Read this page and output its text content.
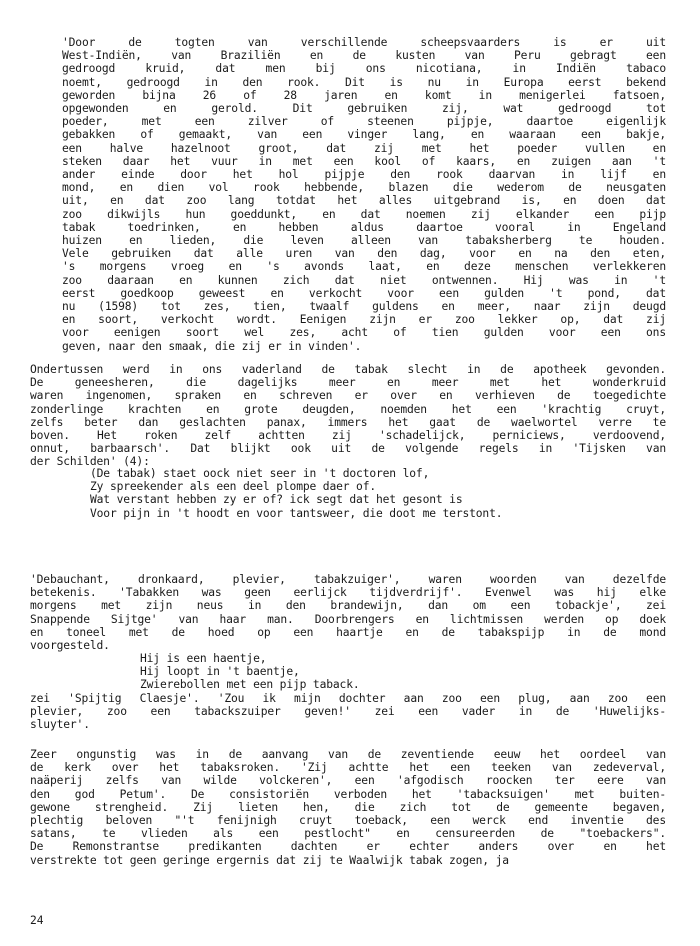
'Door de togten van verschillende scheepsvaarders is er uit
West-Indiën, van Braziliën en de kusten van Peru gebragt een
gedroogd kruid, dat men bij ons nicotiana, in Indiën tabaco
noemt, gedroogd in den rook. Dit is nu in Europa eerst bekend
geworden bijna 26 of 28 jaren en komt in menigerlei fatsoen,
opgewonden en gerold. Dit gebruiken zij, wat gedroogd tot
poeder, met een zilver of steenen pijpje, daartoe eigenlijk
gebakken of gemaakt, van een vinger lang, en waaraan een bakje,
een halve hazelnoot groot, dat zij met het poeder vullen en
steken daar het vuur in met een kool of kaars, en zuigen aan 't
ander einde door het hol pijpje den rook daarvan in lijf en
mond, en dien vol rook hebbende, blazen die wederom de neusgaten
uit, en dat zoo lang totdat het alles uitgebrand is, en doen dat
zoo dikwijls hun goeddunkt, en dat noemen zij elkander een pijp
tabak toedrinken, en hebben aldus daartoe vooral in Engeland
huizen en lieden, die leven alleen van tabaksherberg te houden.
Vele gebruiken dat alle uren van den dag, voor en na den eten,
's morgens vroeg en 's avonds laat, en deze menschen verlekkeren
zoo daaraan en kunnen zich dat niet ontwennen. Hij was in 't
eerst goedkoop geweest en verkocht voor een gulden 't pond, dat
nu (1598) tot zes, tien, twaalf guldens en meer, naar zijn deugd
en soort, verkocht wordt. Eenigen zijn er zoo lekker op, dat zij
voor eenigen soort wel zes, acht of tien gulden voor een ons
geven, naar den smaak, die zij er in vinden'.
Ondertussen werd in ons vaderland de tabak slecht in de apotheek gevonden.
De geneesheren, die dagelijks meer en meer met het wonderkruid
waren ingenomen, spraken en schreven er over en verhieven de toegedichte
zonderlinge krachten en grote deugden, noemden het een 'krachtig cruyt,
zelfs beter dan geslachten panax, immers het gaat de waelwortel verre te
boven. Het roken zelf achtten zij 'schadelijck, perniciews, verdoovend,
onnut, barbaarsch'. Dat blijkt ook uit de volgende regels in 'Tijsken van
der Schilden' (4):
(De tabak) staet oock niet seer in 't doctoren lof,
Zy spreekender als een deel plompe daer of.
Wat verstant hebben zy er of? ick segt dat het gesont is
Voor pijn in 't hoodt en voor tantsweer, die doot me terstont.
'Debauchant, dronkaard, plevier, tabakzuiger', waren woorden van dezelfde
betekenis. 'Tabakken was geen eerlijck tijdverdrijf'. Evenwel was hij elke
morgens met zijn neus in den brandewijn, dan om een tobackje', zei
Snappende Sijtge' van haar man. Doorbrengers en lichtmissen werden op doek
en toneel met de hoed op een haartje en de tabakspijp in de mond
voorgesteld.
Hij is een haentje,
Hij loopt in 't baentje,
Zwierebollen met een pijp taback.
zei 'Spijtig Claesje'. 'Zou ik mijn dochter aan zoo een plug, aan zoo een
plevier, zoo een tabackszuiper geven!' zei een vader in de 'Huwelijks-
sluyter'.
Zeer ongunstig was in de aanvang van de zeventiende eeuw het oordeel van
de kerk over het tabaksroken. 'Zij achtte het een teeken van zedeverval,
naäperij zelfs van wilde volckeren', een 'afgodisch roocken ter eere van
den god Petum'. De consistoriën verboden het 'tabacksuigen' met buiten-
gewone strengheid. Zij lieten hen, die zich tot de gemeente begaven,
plechtig beloven "'t fenijnigh cruyt toeback, een werck end inventie des
satans, te vlieden als een pestlocht" en censureerden de "toebackers".
De Remonstrantse predikanten dachten er echter anders over en het
verstrekte tot geen geringe ergernis dat zij te Waalwijk tabak zogen, ja
24
